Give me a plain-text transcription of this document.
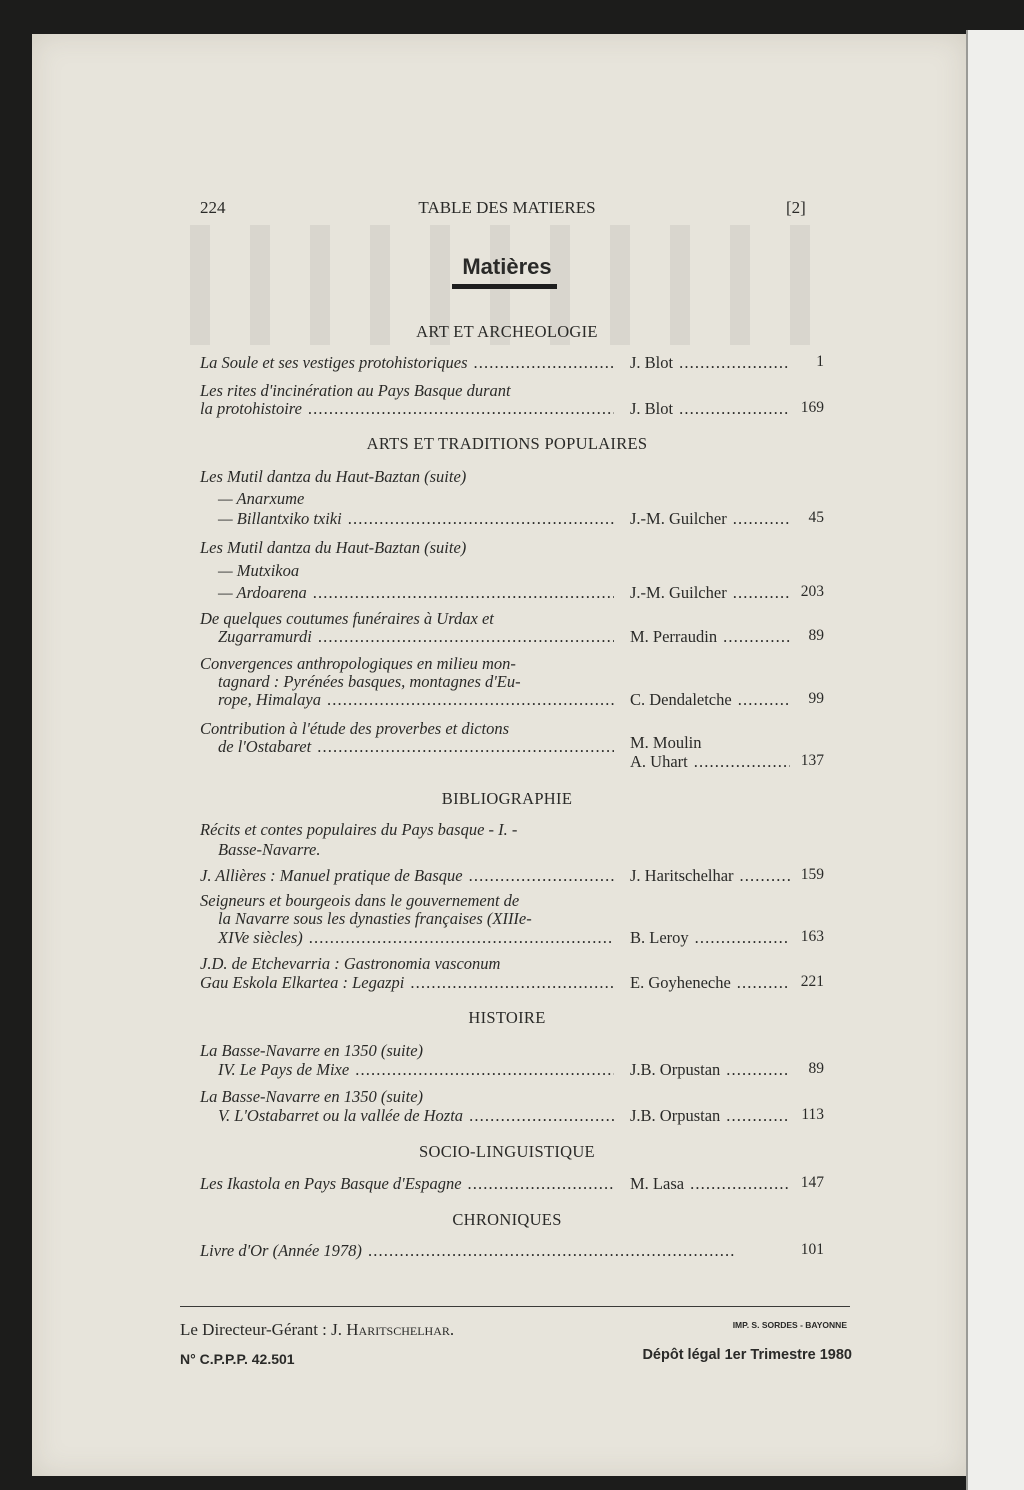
224	TABLE DES MATIERES	[2]
Matières
ART ET ARCHEOLOGIE
La Soule et ses vestiges protohistoriques . . .	J. Blot . . .	1
Les rites d'incinération au Pays Basque durant
la protohistoire . . .	J. Blot . . .	169
ARTS ET TRADITIONS POPULAIRES
Les Mutil dantza du Haut-Baztan (suite)
— Anarxume
— Billantxiko txiki . . .	J.-M. Guilcher . . .	45
Les Mutil dantza du Haut-Baztan (suite)
— Mutxikoa
— Ardoarena . . .	J.-M. Guilcher . . .	203
De quelques coutumes funéraires à Urdax et
Zugarramurdi . . .	M. Perraudin . . .	89
Convergences anthropologiques en milieu mon-
tagnard : Pyrénées basques, montagnes d'Eu-
rope, Himalaya . . .	C. Dendaletche . . .	99
Contribution à l'étude des proverbes et dictons
de l'Ostabaret . . .	M. Moulin
A. Uhart . . .	137
BIBLIOGRAPHIE
Récits et contes populaires du Pays basque - I. -
Basse-Navarre.
J. Allières : Manuel pratique de Basque . . .	J. Haritschelhar . . .	159
Seigneurs et bourgeois dans le gouvernement de
la Navarre sous les dynasties françaises (XIIIe-
XIVe siècles) . . .	B. Leroy . . .	163
J.D. de Etchevarria : Gastronomia vasconum
Gau Eskola Elkartea : Legazpi . . .	E. Goyheneche . . .	221
HISTOIRE
La Basse-Navarre en 1350 (suite)
IV. Le Pays de Mixe . . .	J.B. Orpustan . . .	89
La Basse-Navarre en 1350 (suite)
V. L'Ostabarret ou la vallée de Hozta . . .	J.B. Orpustan . . .	113
SOCIO-LINGUISTIQUE
Les Ikastola en Pays Basque d'Espagne . . .	M. Lasa . . .	147
CHRONIQUES
Livre d'Or (Année 1978) . . .	101
Le Directeur-Gérant : J. Haritschelhar.	IMP. S. SORDES - BAYONNE
N° C.P.P.P. 42.501	Dépôt légal 1er Trimestre 1980
